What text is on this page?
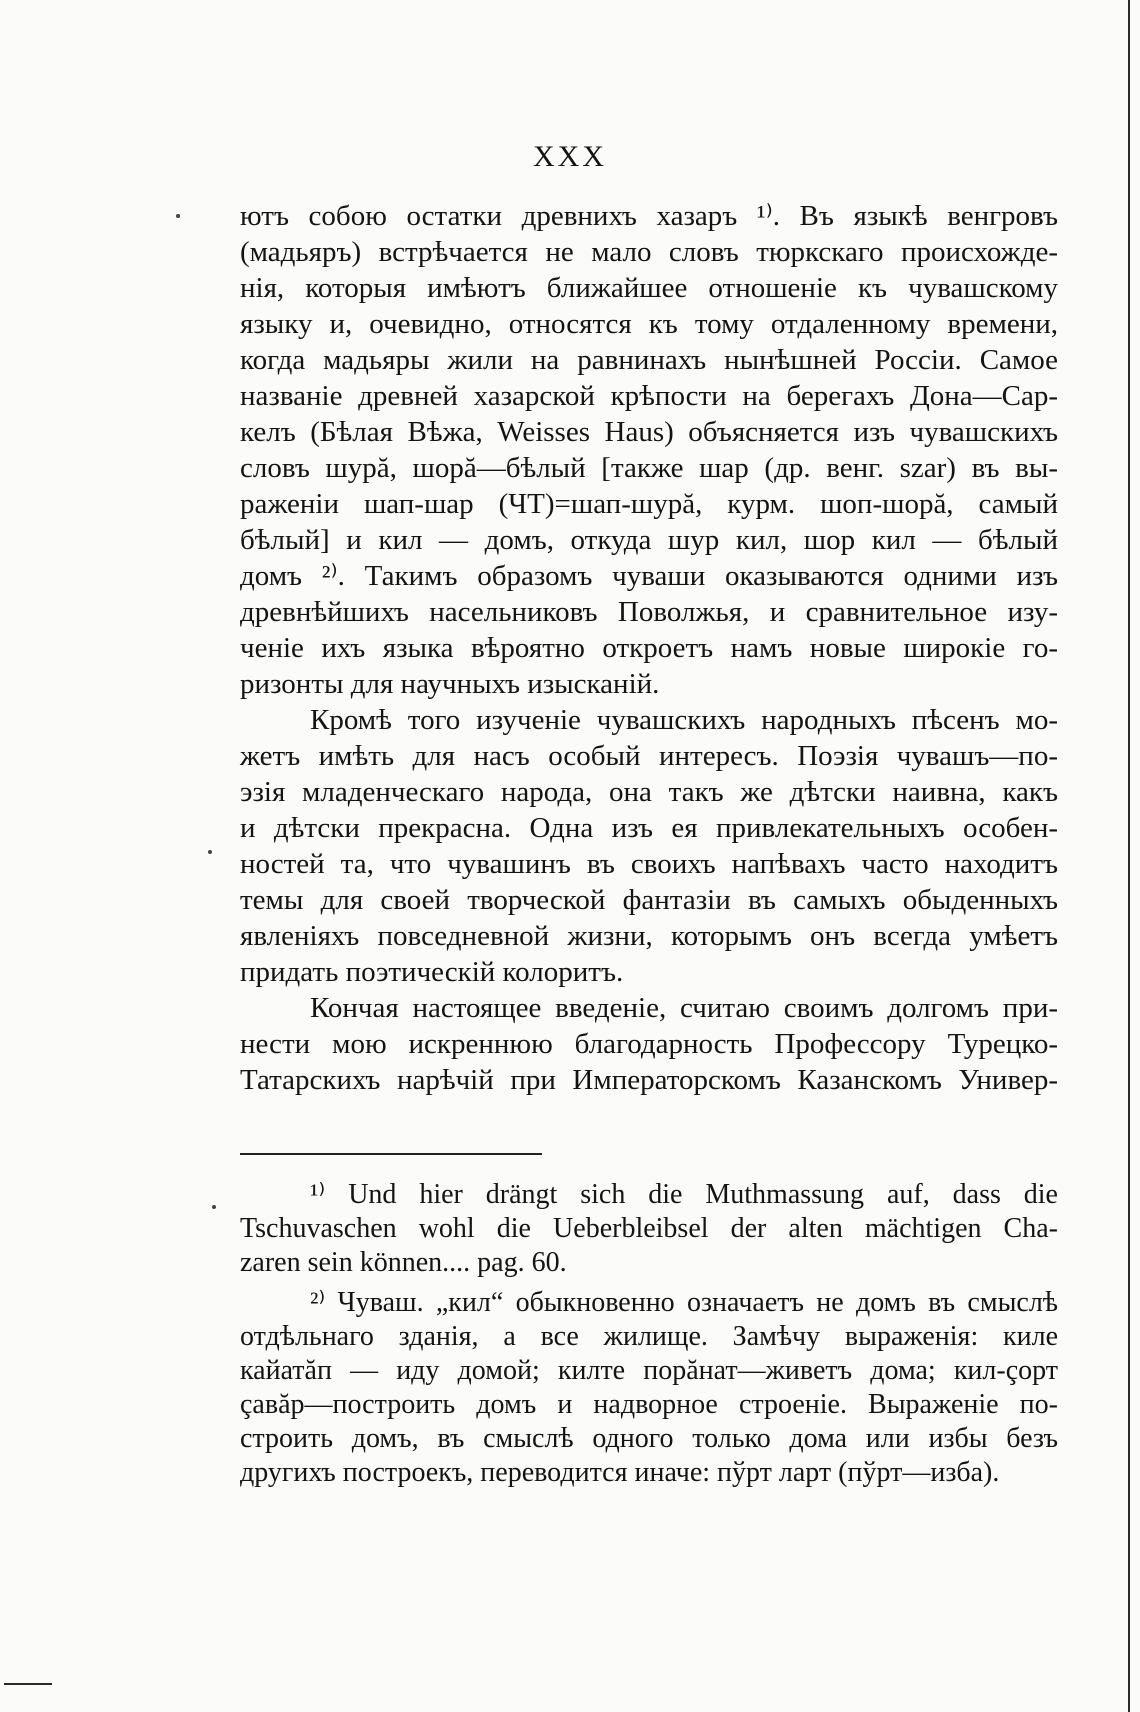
XXX
ютъ собою остатки древнихъ хазаръ ¹⁾. Въ языкѣ венгровъ
(мадьяръ) встрѣчается не мало словъ тюркскаго происхожде-
нія, которыя имѣютъ ближайшее отношеніе къ чувашскому
языку и, очевидно, относятся къ тому отдаленному времени,
когда мадьяры жили на равнинахъ нынѣшней Россіи. Самое
названіе древней хазарской крѣпости на берегахъ Дона—Сар-
келъ (Бѣлая Вѣжа, Weisses Haus) объясняется изъ чувашскихъ
словъ шурă, шорă—бѣлый [также шар (др. венг. szar) въ вы-
раженіи шап-шар (ЧТ)=шап-шурă, курм. шоп-шорă, самый
бѣлый] и кил — домъ, откуда шур кил, шор кил — бѣлый
домъ ²⁾. Такимъ образомъ чуваши оказываются одними изъ
древнѣйшихъ насельниковъ Поволжья, и сравнительное изу-
ченіе ихъ языка вѣроятно откроетъ намъ новые широкіе го-
ризонты для научныхъ изысканій.
Кромѣ того изученіе чувашскихъ народныхъ пѣсенъ мо-
жетъ имѣть для насъ особый интересъ. Поэзія чувашъ—по-
эзія младенческаго народа, она такъ же дѣтски наивна, какъ
и дѣтски прекрасна. Одна изъ ея привлекательныхъ особен-
ностей та, что чувашинъ въ своихъ напѣвахъ часто находитъ
темы для своей творческой фантазіи въ самыхъ обыденныхъ
явленіяхъ повседневной жизни, которымъ онъ всегда умѣетъ
придать поэтическій колоритъ.
Кончая настоящее введеніе, считаю своимъ долгомъ при-
нести мою искреннюю благодарность Профессору Турецко-
Татарскихъ нарѣчій при Императорскомъ Казанскомъ Универ-
¹⁾ Und hier drängt sich die Muthmassung auf, dass die
Tschuvaschen wohl die Ueberbleibsel der alten mächtigen Cha-
zaren sein können.... pag. 60.
²⁾ Чуваш. „кил“ обыкновенно означаетъ не домъ въ смыслѣ
отдѣльнаго зданія, а все жилище. Замѣчу выраженія: киле
кайатăп — иду домой; килте порăнат—живетъ дома; кил-çорт
çавăр—построить домъ и надворное строеніе. Выраженіе по-
строить домъ, въ смыслѣ одного только дома или избы безъ
другихъ построекъ, переводится иначе: пўрт ларт (пўрт—изба).
